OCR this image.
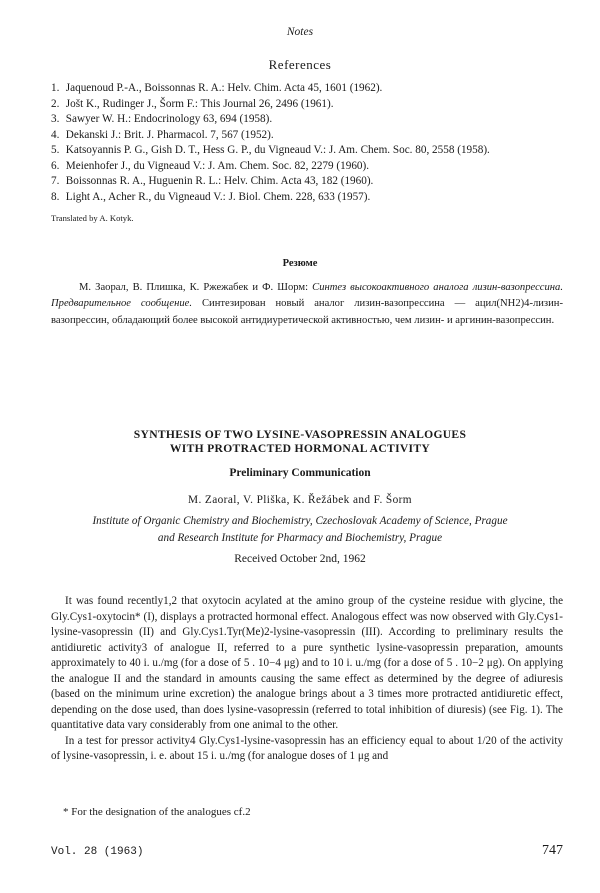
Notes
References
1. Jaquenoud P.-A., Boissonnas R. A.: Helv. Chim. Acta 45, 1601 (1962).
2. Jošt K., Rudinger J., Šorm F.: This Journal 26, 2496 (1961).
3. Sawyer W. H.: Endocrinology 63, 694 (1958).
4. Dekanski J.: Brit. J. Pharmacol. 7, 567 (1952).
5. Katsoyannis P. G., Gish D. T., Hess G. P., du Vigneaud V.: J. Am. Chem. Soc. 80, 2558 (1958).
6. Meienhofer J., du Vigneaud V.: J. Am. Chem. Soc. 82, 2279 (1960).
7. Boissonnas R. A., Huguenin R. L.: Helv. Chim. Acta 43, 182 (1960).
8. Light A., Acher R., du Vigneaud V.: J. Biol. Chem. 228, 633 (1957).
Translated by A. Kotyk.
Резюме

М. Заорал, В. Плишка, К. Ржежабек и Ф. Шорм: Синтез высокоактивного аналога лизин-вазопрессина. Предварительное сообщение. Синтезирован новый аналог лизин-вазопрессина — ацил(NH2)4-лизин-вазопрессин, обладающий более высокой антидиуретической активностью, чем лизин- и аргинин-вазопрессин.

SYNTHESIS OF TWO LYSINE-VASOPRESSIN ANALOGUES
WITH PROTRACTED HORMONAL ACTIVITY
Preliminary Communication
M. Zaoral, V. Pliška, K. Řežábek and F. Šorm
Institute of Organic Chemistry and Biochemistry, Czechoslovak Academy of Science, Prague
and Research Institute for Pharmacy and Biochemistry, Prague
Received October 2nd, 1962

It was found recently1,2 that oxytocin acylated at the amino group of the cysteine residue with glycine, the Gly.Cys1-oxytocin* (I), displays a protracted hormonal effect. Analogous effect was now observed with Gly.Cys1-lysine-vasopressin (II) and Gly.Cys1.Tyr(Me)2-lysine-vasopressin (III). According to preliminary results the antidiuretic activity3 of analogue II, referred to a pure synthetic lysine-vasopressin preparation, amounts approximately to 40 i. u./mg (for a dose of 5 . 10−4 μg) and to 10 i. u./mg (for a dose of 5 . 10−2 μg). On applying the analogue II and the standard in amounts causing the same effect as determined by the degree of adiuresis (based on the minimum urine excretion) the analogue brings about a 3 times more protracted antidiuretic effect, depending on the dose used, than does lysine-vasopressin (referred to total inhibition of diuresis) (see Fig. 1). The quantitative data vary considerably from one animal to the other.

In a test for pressor activity4 Gly.Cys1-lysine-vasopressin has an efficiency equal to about 1/20 of the activity of lysine-vasopressin, i. e. about 15 i. u./mg (for analogue doses of 1 μg and

* For the designation of the analogues cf.2
Vol. 28 (1963)	747
